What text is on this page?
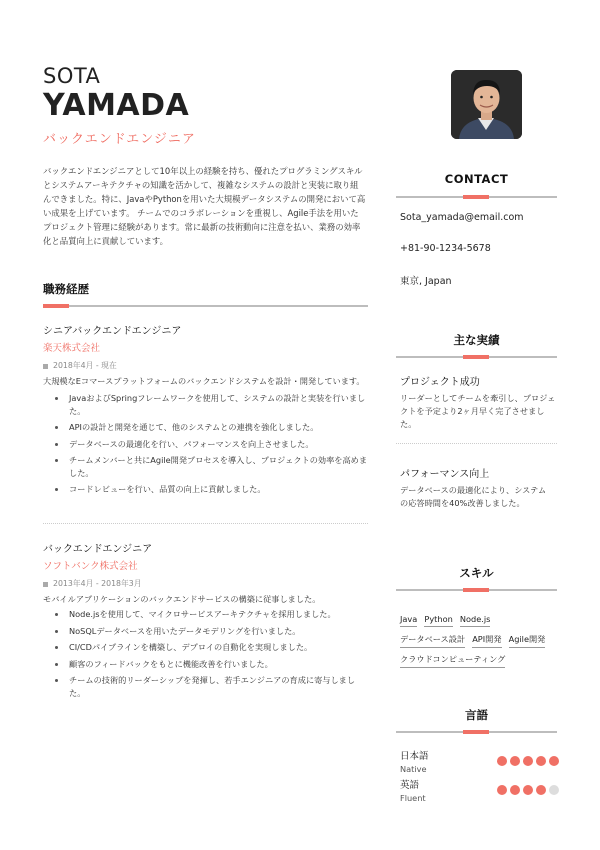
SOTA
YAMADA
バックエンドエンジニア
バックエンドエンジニアとして10年以上の経験を持ち、優れたプログラミングスキルとシステムアーキテクチャの知識を活かして、複雑なシステムの設計と実装に取り組んできました。特に、JavaやPythonを用いた大規模データシステムの開発において高い成果を上げています。 チームでのコラボレーションを重視し、Agile手法を用いたプロジェクト管理に経験があります。常に最新の技術動向に注意を払い、業務の効率化と品質向上に貢献しています。
職務経歴
シニアバックエンドエンジニア
楽天株式会社
2018年4月 - 現在
大規模なEコマースプラットフォームのバックエンドシステムを設計・開発しています。
JavaおよびSpringフレームワークを使用して、システムの設計と実装を行いました。
APIの設計と開発を通じて、他のシステムとの連携を強化しました。
データベースの最適化を行い、パフォーマンスを向上させました。
チームメンバーと共にAgile開発プロセスを導入し、プロジェクトの効率を高めました。
コードレビューを行い、品質の向上に貢献しました。
バックエンドエンジニア
ソフトバンク株式会社
2013年4月 - 2018年3月
モバイルアプリケーションのバックエンドサービスの構築に従事しました。
Node.jsを使用して、マイクロサービスアーキテクチャを採用しました。
NoSQLデータベースを用いたデータモデリングを行いました。
CI/CDパイプラインを構築し、デプロイの自動化を実現しました。
顧客のフィードバックをもとに機能改善を行いました。
チームの技術的リーダーシップを発揮し、若手エンジニアの育成に寄与しました。
CONTACT
Sota_yamada@email.com
+81-90-1234-5678
東京, Japan
主な実績
プロジェクト成功
リーダーとしてチームを牽引し、プロジェクトを予定より2ヶ月早く完了させました。
パフォーマンス向上
データベースの最適化により、システムの応答時間を40%改善しました。
スキル
Java Python Node.js
データベース設計 API開発 Agile開発
クラウドコンピューティング
言語
日本語
Native
英語
Fluent
